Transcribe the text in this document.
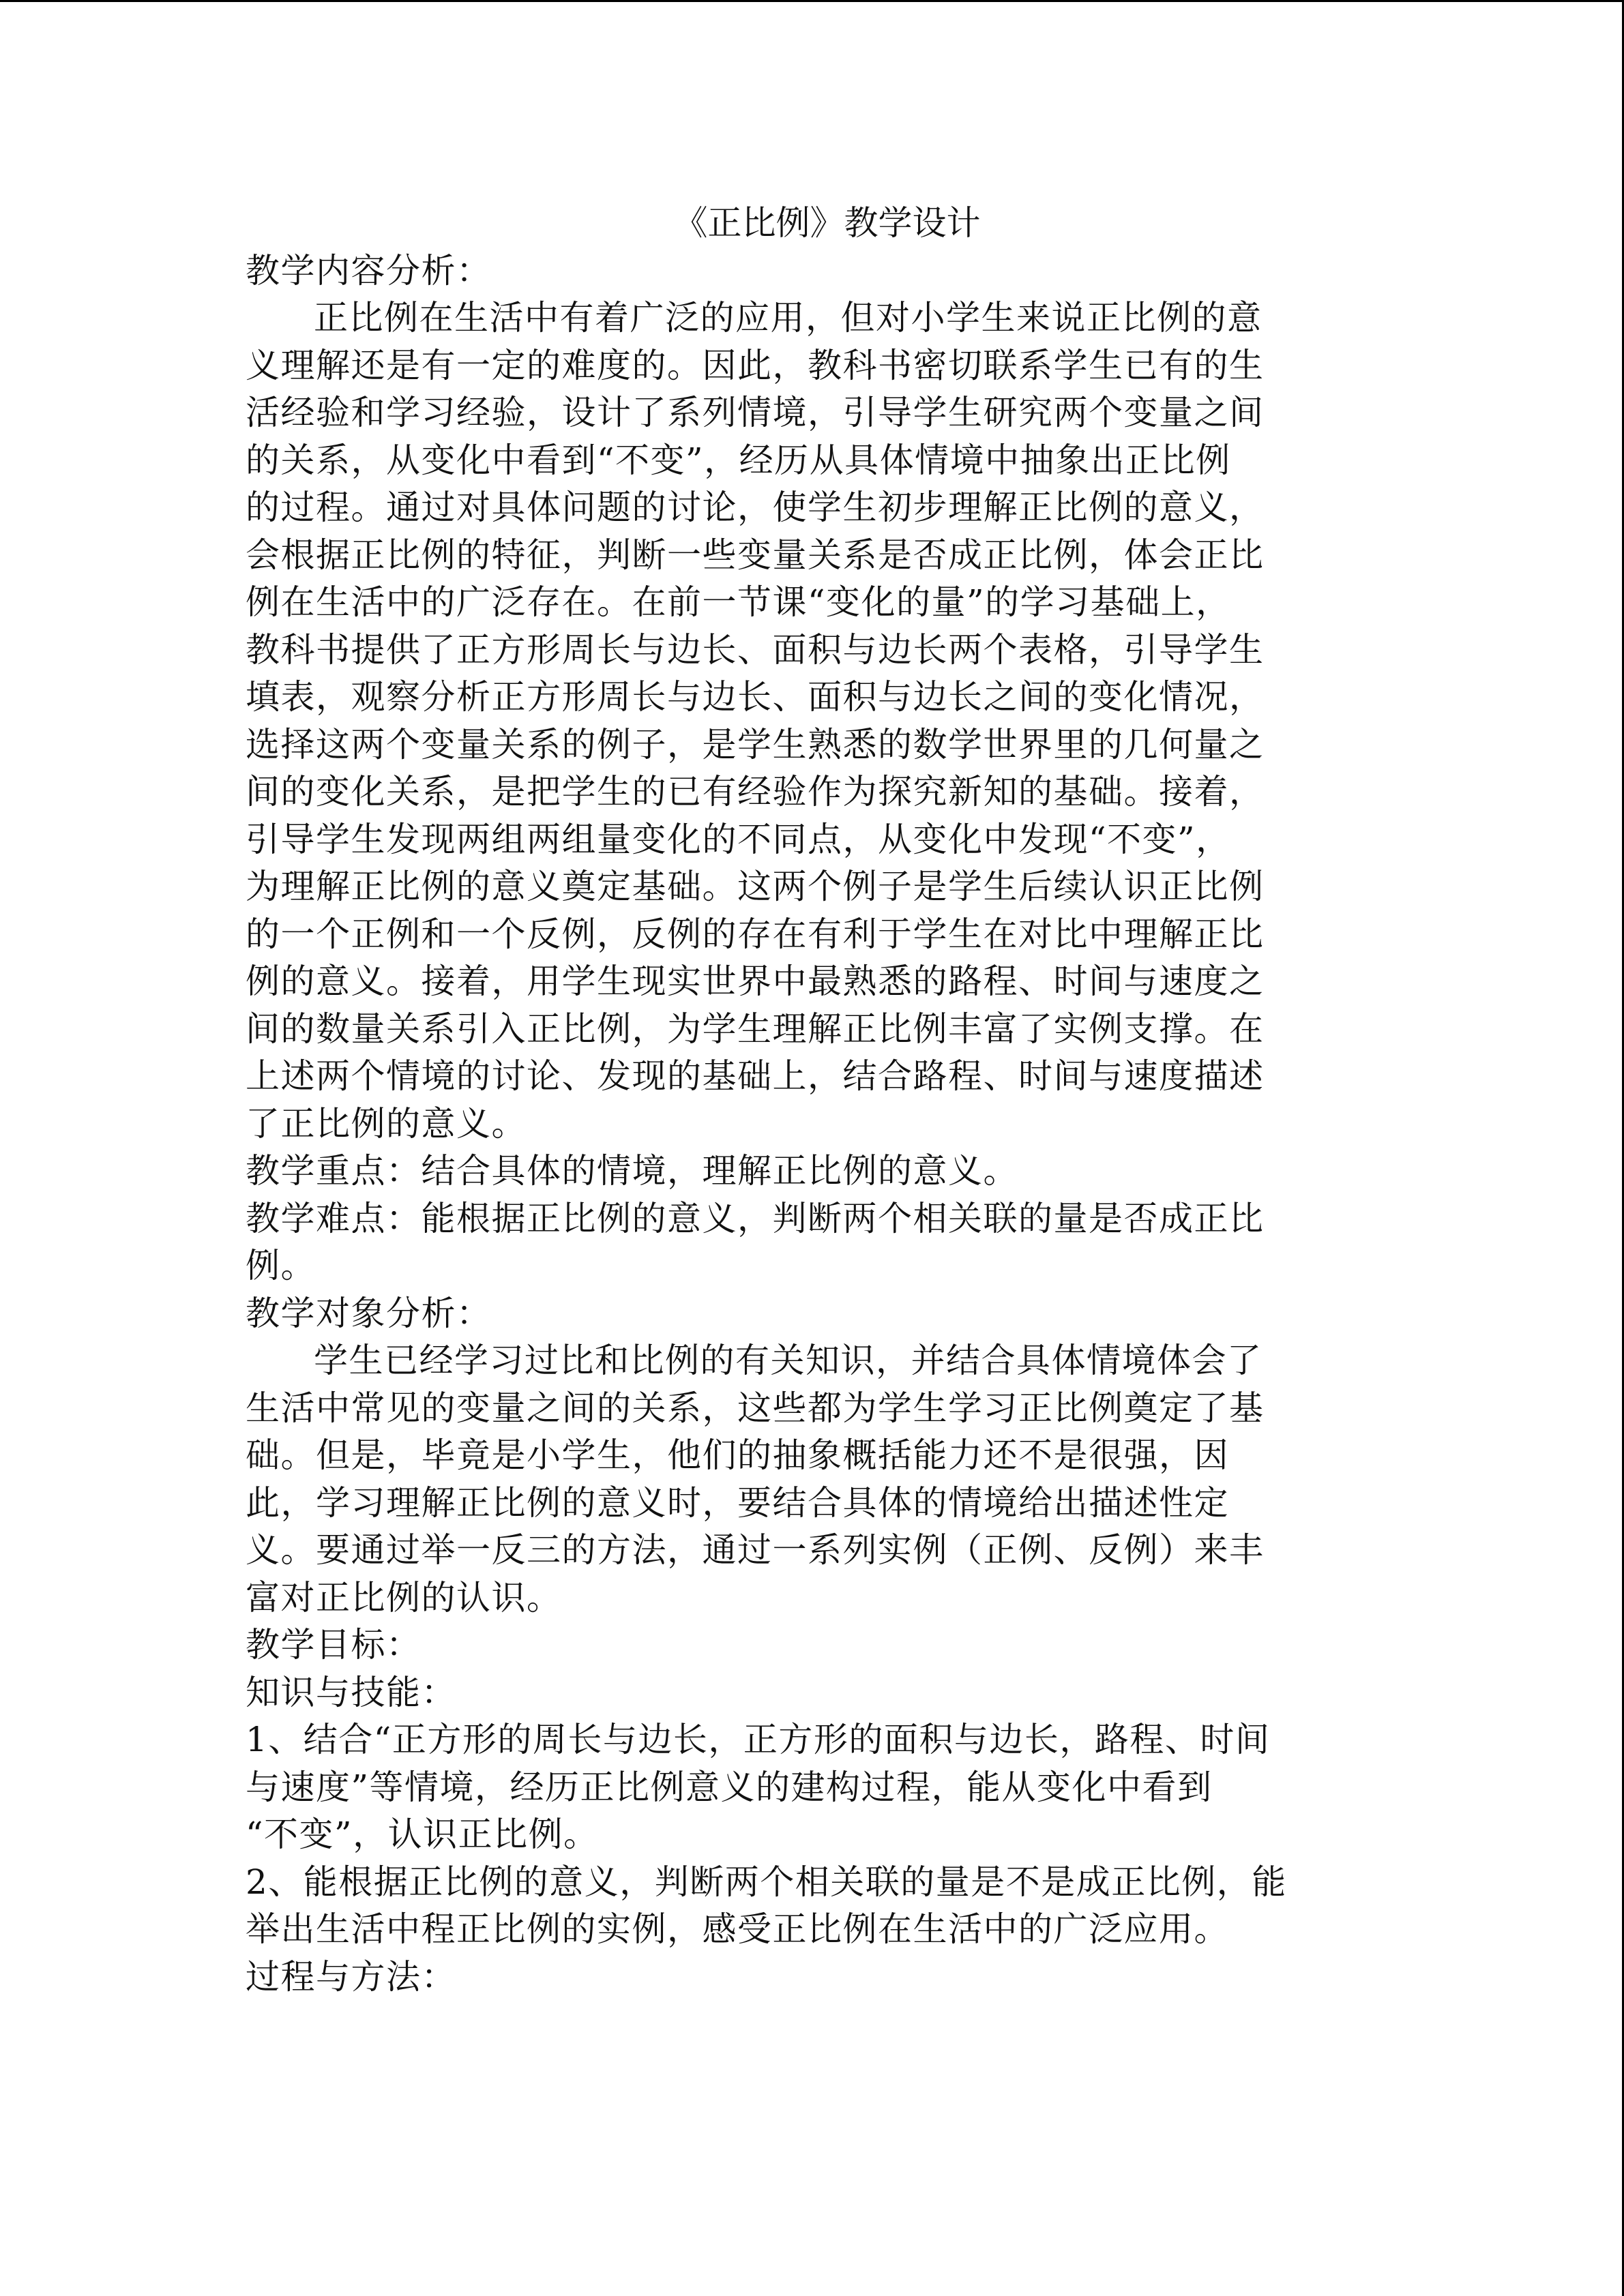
《正比例》教学设计

教学内容分析：

正比例在生活中有着广泛的应用，但对小学生来说正比例的意

义理解还是有一定的难度的。因此，教科书密切联系学生已有的生

活经验和学习经验，设计了系列情境，引导学生研究两个变量之间

的关系，从变化中看到“不变”，经历从具体情境中抽象出正比例

的过程。通过对具体问题的讨论，使学生初步理解正比例的意义，

会根据正比例的特征，判断一些变量关系是否成正比例，体会正比

例在生活中的广泛存在。在前一节课“变化的量”的学习基础上，

教科书提供了正方形周长与边长、面积与边长两个表格，引导学生

填表，观察分析正方形周长与边长、面积与边长之间的变化情况，

选择这两个变量关系的例子，是学生熟悉的数学世界里的几何量之

间的变化关系，是把学生的已有经验作为探究新知的基础。接着，

引导学生发现两组两组量变化的不同点，从变化中发现“不变”，

为理解正比例的意义奠定基础。这两个例子是学生后续认识正比例

的一个正例和一个反例，反例的存在有利于学生在对比中理解正比

例的意义。接着，用学生现实世界中最熟悉的路程、时间与速度之

间的数量关系引入正比例，为学生理解正比例丰富了实例支撑。在

上述两个情境的讨论、发现的基础上，结合路程、时间与速度描述

了正比例的意义。

教学重点：结合具体的情境，理解正比例的意义。

教学难点：能根据正比例的意义，判断两个相关联的量是否成正比

例。

教学对象分析：

学生已经学习过比和比例的有关知识，并结合具体情境体会了

生活中常见的变量之间的关系，这些都为学生学习正比例奠定了基

础。但是，毕竟是小学生，他们的抽象概括能力还不是很强，因

此，学习理解正比例的意义时，要结合具体的情境给出描述性定

义。要通过举一反三的方法，通过一系列实例（正例、反例）来丰

富对正比例的认识。

教学目标：

知识与技能：

1、结合“正方形的周长与边长，正方形的面积与边长，路程、时间

与速度”等情境，经历正比例意义的建构过程，能从变化中看到

“不变”，认识正比例。

2、能根据正比例的意义，判断两个相关联的量是不是成正比例，能

举出生活中程正比例的实例，感受正比例在生活中的广泛应用。

过程与方法：
